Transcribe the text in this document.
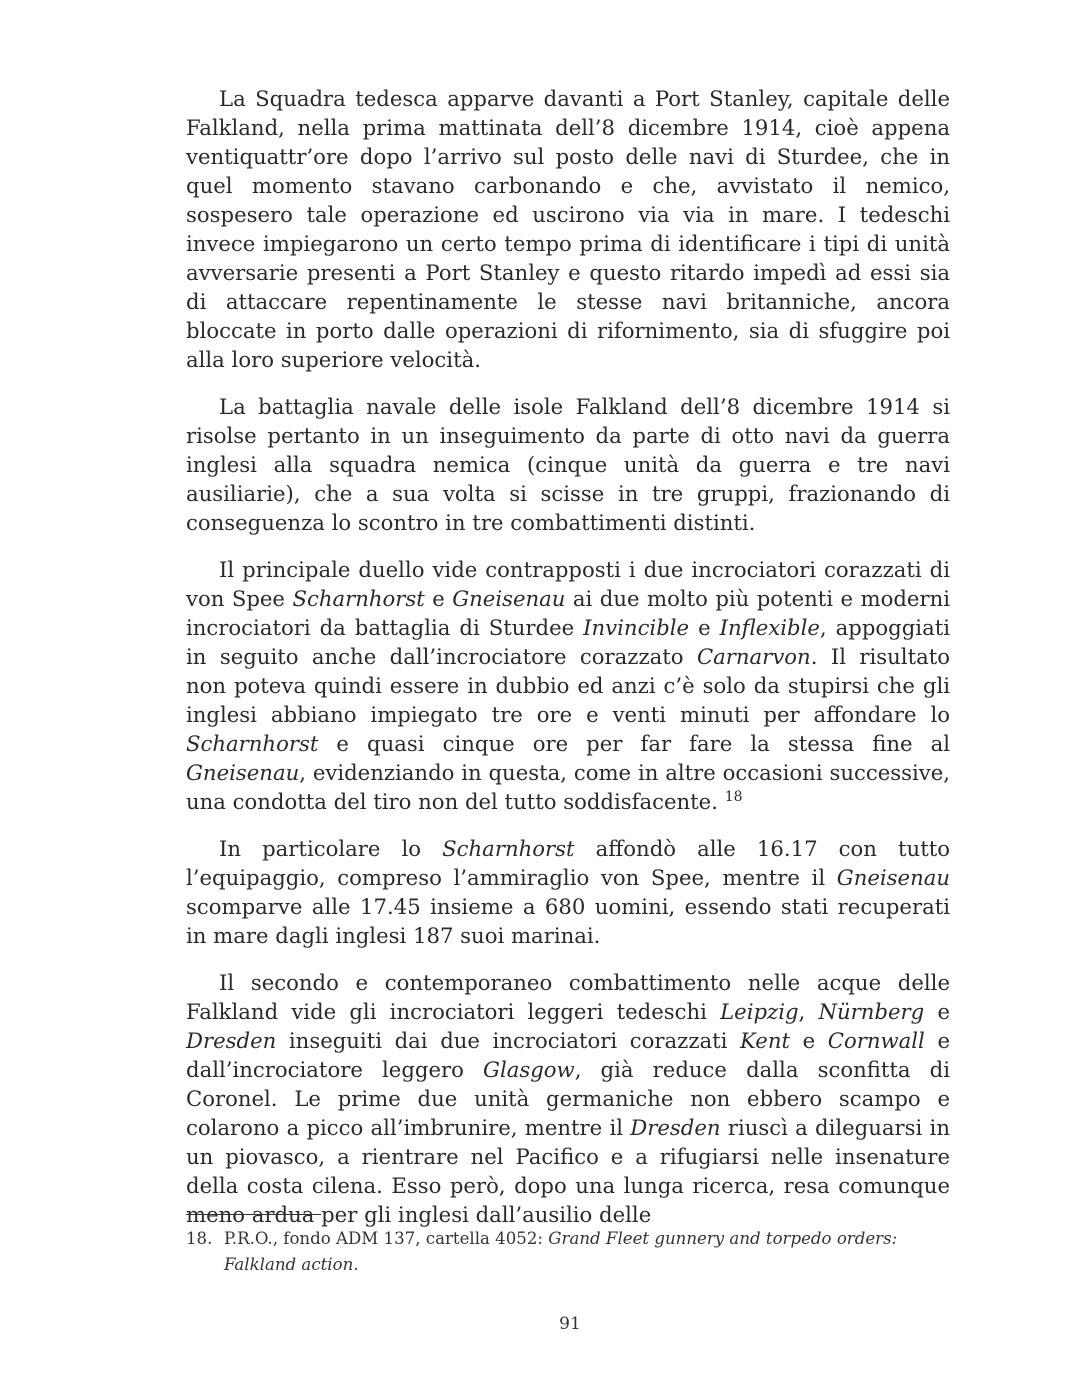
La Squadra tedesca apparve davanti a Port Stanley, capitale delle Falkland, nella prima mattinata dell’8 dicembre 1914, cioè appena ventiquattr’ore dopo l’arrivo sul posto delle navi di Sturdee, che in quel momento stavano carbonando e che, avvistato il nemico, sospesero tale operazione ed uscirono via via in mare. I tedeschi invece impiegarono un certo tempo prima di identificare i tipi di unità avversarie presenti a Port Stanley e questo ritardo impedì ad essi sia di attaccare repentinamente le stesse navi britanniche, ancora bloccate in porto dalle operazioni di rifornimento, sia di sfuggire poi alla loro superiore velocità.

La battaglia navale delle isole Falkland dell’8 dicembre 1914 si risolse pertanto in un inseguimento da parte di otto navi da guerra inglesi alla squadra nemica (cinque unità da guerra e tre navi ausiliarie), che a sua volta si scisse in tre gruppi, frazionando di conseguenza lo scontro in tre combattimenti distinti.

Il principale duello vide contrapposti i due incrociatori corazzati di von Spee Scharnhorst e Gneisenau ai due molto più potenti e moderni incrociatori da battaglia di Sturdee Invincible e Inflexible, appoggiati in seguito anche dall’incrociatore corazzato Carnarvon. Il risultato non poteva quindi essere in dubbio ed anzi c’è solo da stupirsi che gli inglesi abbiano impiegato tre ore e venti minuti per affondare lo Scharnhorst e quasi cinque ore per far fare la stessa fine al Gneisenau, evidenziando in questa, come in altre occasioni successive, una condotta del tiro non del tutto soddisfacente. $^{18}$

In particolare lo Scharnhorst affondò alle 16.17 con tutto l’equipaggio, compreso l’ammiraglio von Spee, mentre il Gneisenau scomparve alle 17.45 insieme a 680 uomini, essendo stati recuperati in mare dagli inglesi 187 suoi marinai.

Il secondo e contemporaneo combattimento nelle acque delle Falkland vide gli incrociatori leggeri tedeschi Leipzig, Nürnberg e Dresden inseguiti dai due incrociatori corazzati Kent e Cornwall e dall’incrociatore leggero Glasgow, già reduce dalla sconfitta di Coronel. Le prime due unità germaniche non ebbero scampo e colarono a picco all’imbrunire, mentre il Dresden riuscì a dileguarsi in un piovasco, a rientrare nel Pacifico e a rifugiarsi nelle insenature della costa cilena. Esso però, dopo una lunga ricerca, resa comunque meno ardua per gli inglesi dall’ausilio delle

18. P.R.O., fondo ADM 137, cartella 4052: Grand Fleet gunnery and torpedo orders:
Falkland action.
91
